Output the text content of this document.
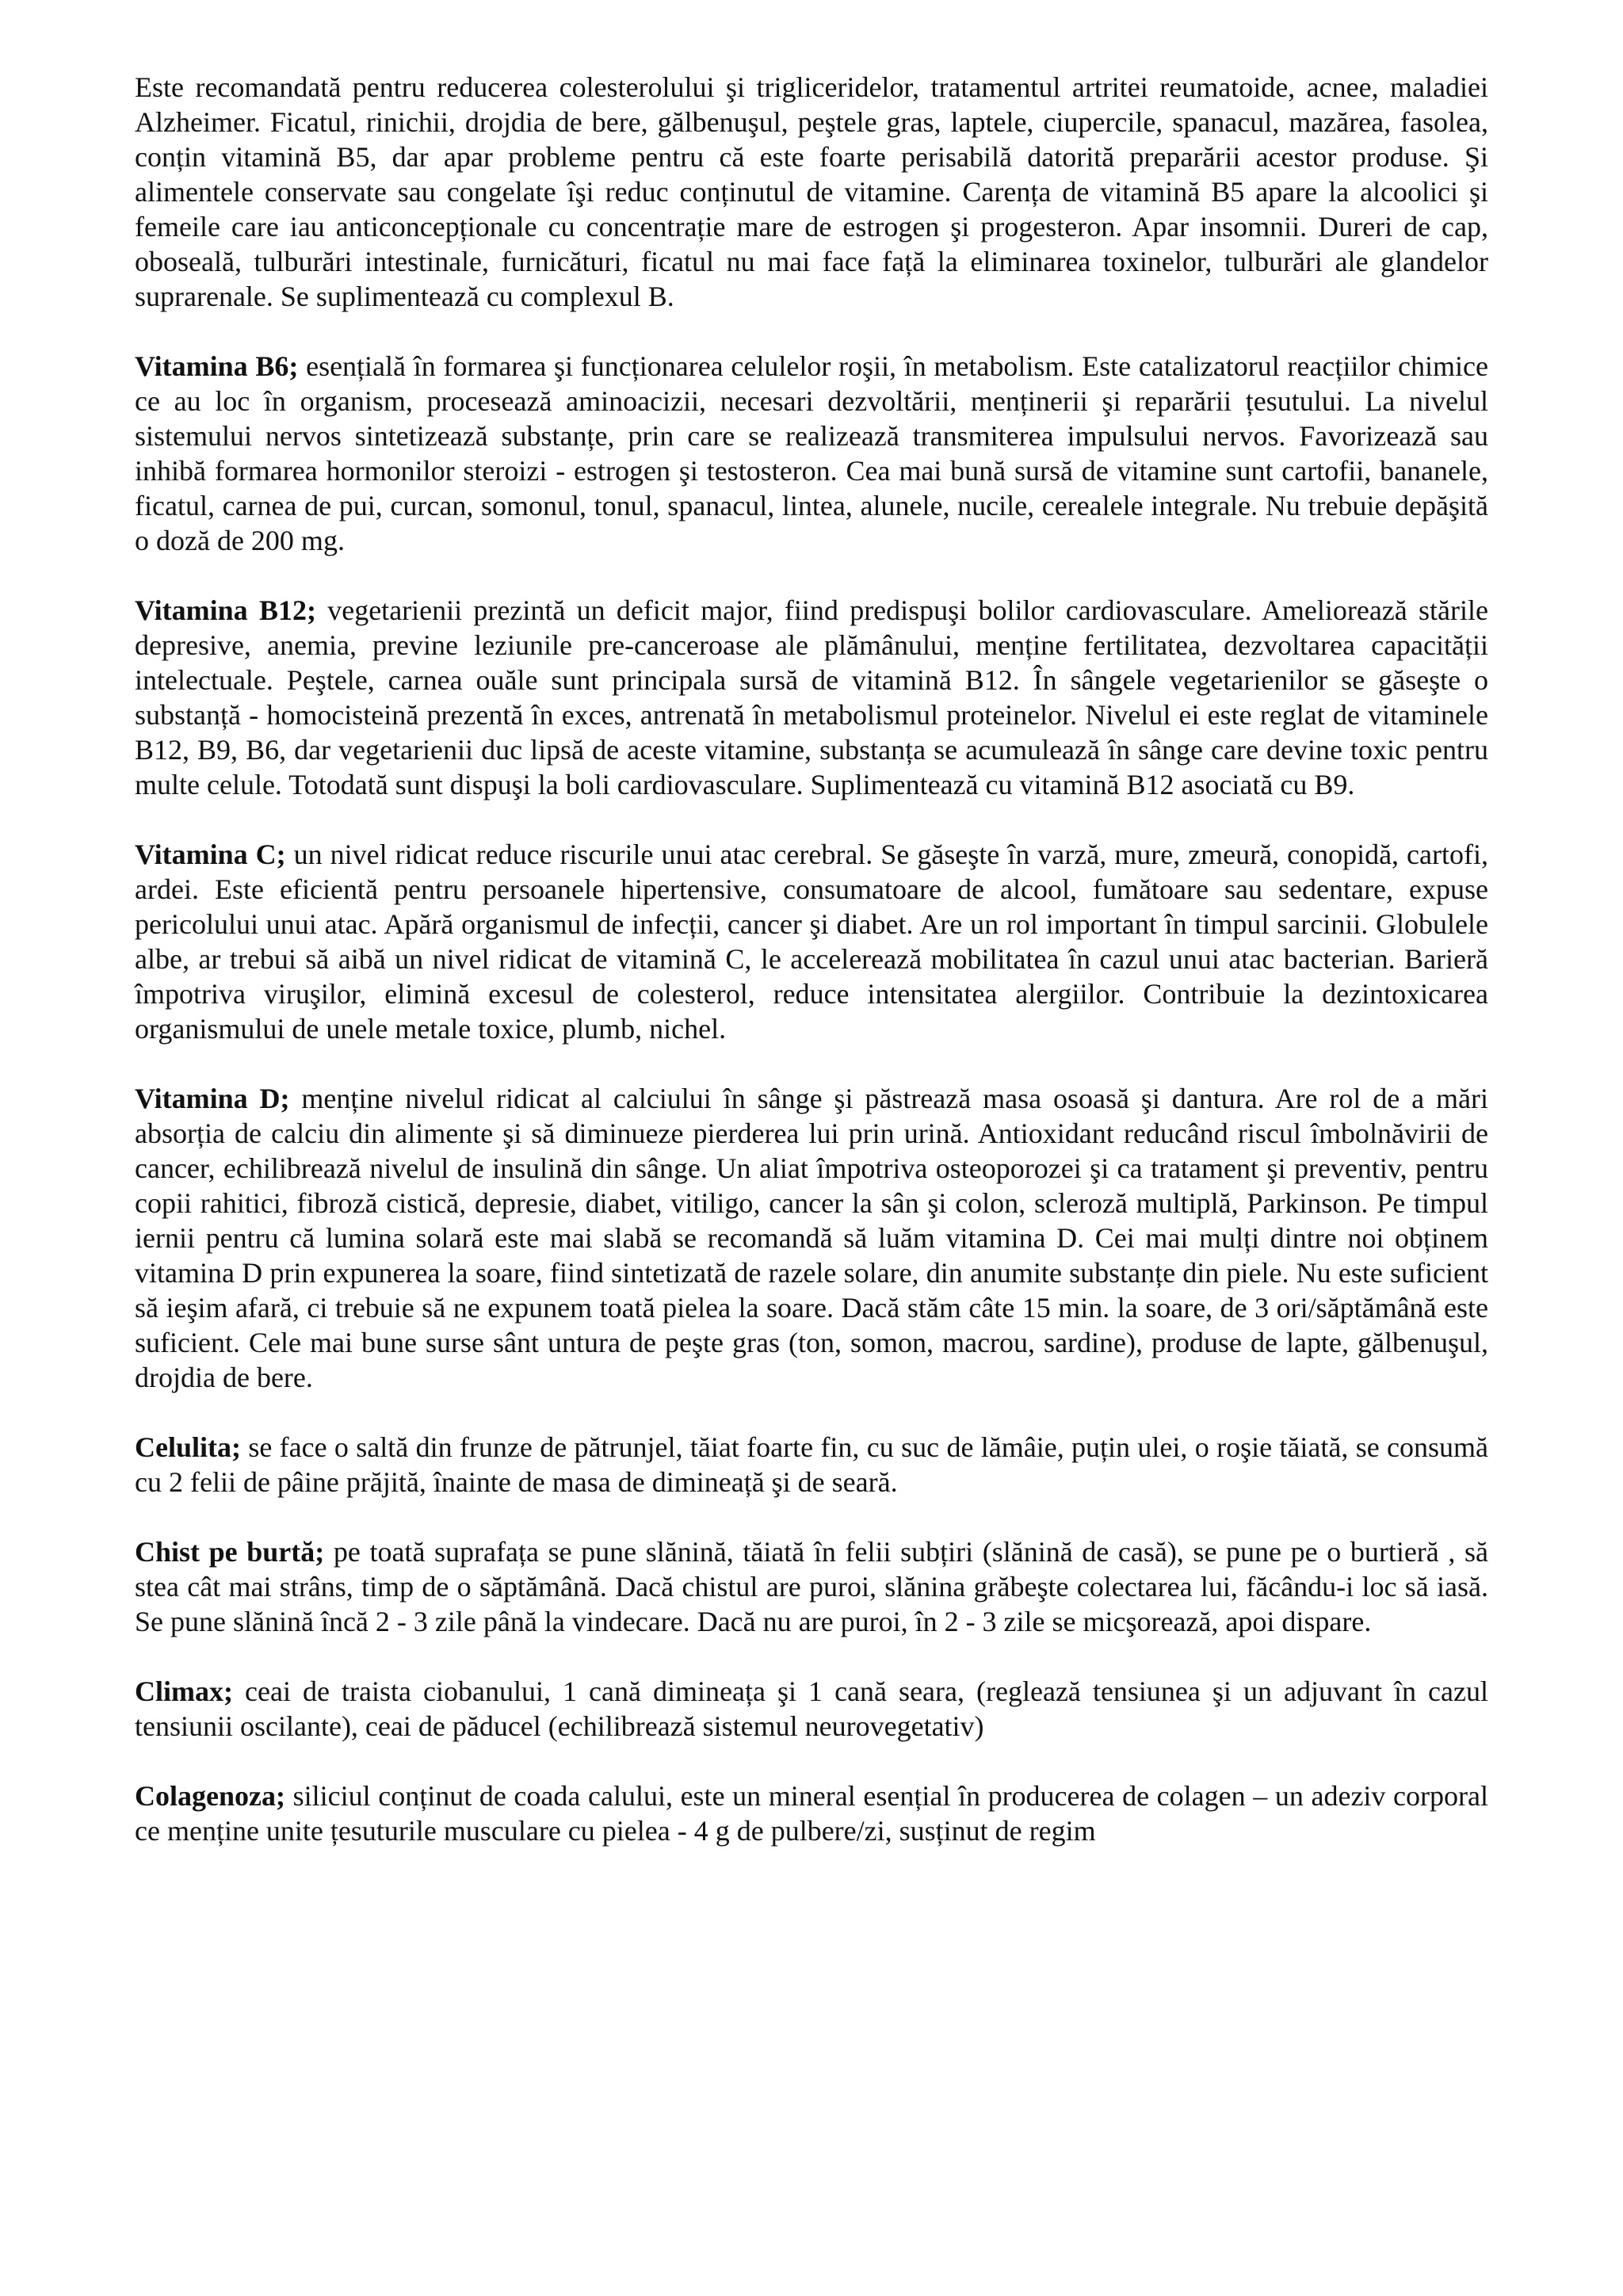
Este recomandată pentru reducerea colesterolului şi trigliceridelor, tratamentul artritei reumatoide, acnee, maladiei Alzheimer. Ficatul, rinichii, drojdia de bere, gălbenuşul, peştele gras, laptele, ciupercile, spanacul, mazărea, fasolea, conțin vitamină B5, dar apar probleme pentru că este foarte perisabilă datorită preparării acestor produse. Şi alimentele conservate sau congelate îşi reduc conținutul de vitamine. Carența de vitamină B5 apare la alcoolici şi femeile care iau anticoncepționale cu concentrație mare de estrogen şi progesteron. Apar insomnii. Dureri de cap, oboseală, tulburări intestinale, furnicături, ficatul nu mai face față la eliminarea toxinelor, tulburări ale glandelor suprarenale. Se suplimentează cu complexul B.

Vitamina B6; esențială în formarea şi funcționarea celulelor roşii, în metabolism. Este catalizatorul reacțiilor chimice ce au loc în organism, procesează aminoacizii, necesari dezvoltării, menținerii şi reparării țesutului. La nivelul sistemului nervos sintetizează substanțe, prin care se realizează transmiterea impulsului nervos. Favorizează sau inhibă formarea hormonilor steroizi - estrogen şi testosteron. Cea mai bună sursă de vitamine sunt cartofii, bananele, ficatul, carnea de pui, curcan, somonul, tonul, spanacul, lintea, alunele, nucile, cerealele integrale. Nu trebuie depăşită o doză de 200 mg.

Vitamina B12; vegetarienii prezintă un deficit major, fiind predispuşi bolilor cardiovasculare. Ameliorează stările depresive, anemia, previne leziunile pre-canceroase ale plămânului, menține fertilitatea, dezvoltarea capacității intelectuale. Peştele, carnea ouăle sunt principala sursă de vitamină B12. În sângele vegetarienilor se găseşte o substanță - homocisteină prezentă în exces, antrenată în metabolismul proteinelor. Nivelul ei este reglat de vitaminele B12, B9, B6, dar vegetarienii duc lipsă de aceste vitamine, substanța se acumulează în sânge care devine toxic pentru multe celule. Totodată sunt dispuşi la boli cardiovasculare. Suplimentează cu vitamină B12 asociată cu B9.

Vitamina C; un nivel ridicat reduce riscurile unui atac cerebral. Se găseşte în varză, mure, zmeură, conopidă, cartofi, ardei. Este eficientă pentru persoanele hipertensive, consumatoare de alcool, fumătoare sau sedentare, expuse pericolului unui atac. Apără organismul de infecții, cancer şi diabet. Are un rol important în timpul sarcinii. Globulele albe, ar trebui să aibă un nivel ridicat de vitamină C, le accelerează mobilitatea în cazul unui atac bacterian. Barieră împotriva viruşilor, elimină excesul de colesterol, reduce intensitatea alergiilor. Contribuie la dezintoxicarea organismului de unele metale toxice, plumb, nichel.

Vitamina D; menține nivelul ridicat al calciului în sânge şi păstrează masa osoasă şi dantura. Are rol de a mări absorția de calciu din alimente şi să diminueze pierderea lui prin urină. Antioxidant reducând riscul îmbolnăvirii de cancer, echilibrează nivelul de insulină din sânge. Un aliat împotriva osteoporozei şi ca tratament şi preventiv, pentru copii rahitici, fibroză cistică, depresie, diabet, vitiligo, cancer la sân şi colon, scleroză multiplă, Parkinson. Pe timpul iernii pentru că lumina solară este mai slabă se recomandă să luăm vitamina D. Cei mai mulți dintre noi obținem vitamina D prin expunerea la soare, fiind sintetizată de razele solare, din anumite substanțe din piele. Nu este suficient să ieşim afară, ci trebuie să ne expunem toată pielea la soare. Dacă stăm câte 15 min. la soare, de 3 ori/săptămână este suficient. Cele mai bune surse sânt untura de peşte gras (ton, somon, macrou, sardine), produse de lapte, gălbenuşul, drojdia de bere.

Celulita; se face o saltă din frunze de pătrunjel, tăiat foarte fin, cu suc de lămâie, puțin ulei, o roşie tăiată, se consumă cu 2 felii de pâine prăjită, înainte de masa de dimineață şi de seară.

Chist pe burtă; pe toată suprafața se pune slănină, tăiată în felii subțiri (slănină de casă), se pune pe o burtieră , să stea cât mai strâns, timp de o săptămână. Dacă chistul are puroi, slănina grăbeşte colectarea lui, făcându-i loc să iasă. Se pune slănină încă 2 - 3 zile până la vindecare. Dacă nu are puroi, în 2 - 3 zile se micşorează, apoi dispare.

Climax; ceai de traista ciobanului, 1 cană dimineața şi 1 cană seara, (reglează tensiunea şi un adjuvant în cazul tensiunii oscilante), ceai de păducel (echilibrează sistemul neurovegetativ)

Colagenoza; siliciul conținut de coada calului, este un mineral esențial în producerea de colagen – un adeziv corporal ce menține unite țesuturile musculare cu pielea - 4 g de pulbere/zi, susținut de regim
